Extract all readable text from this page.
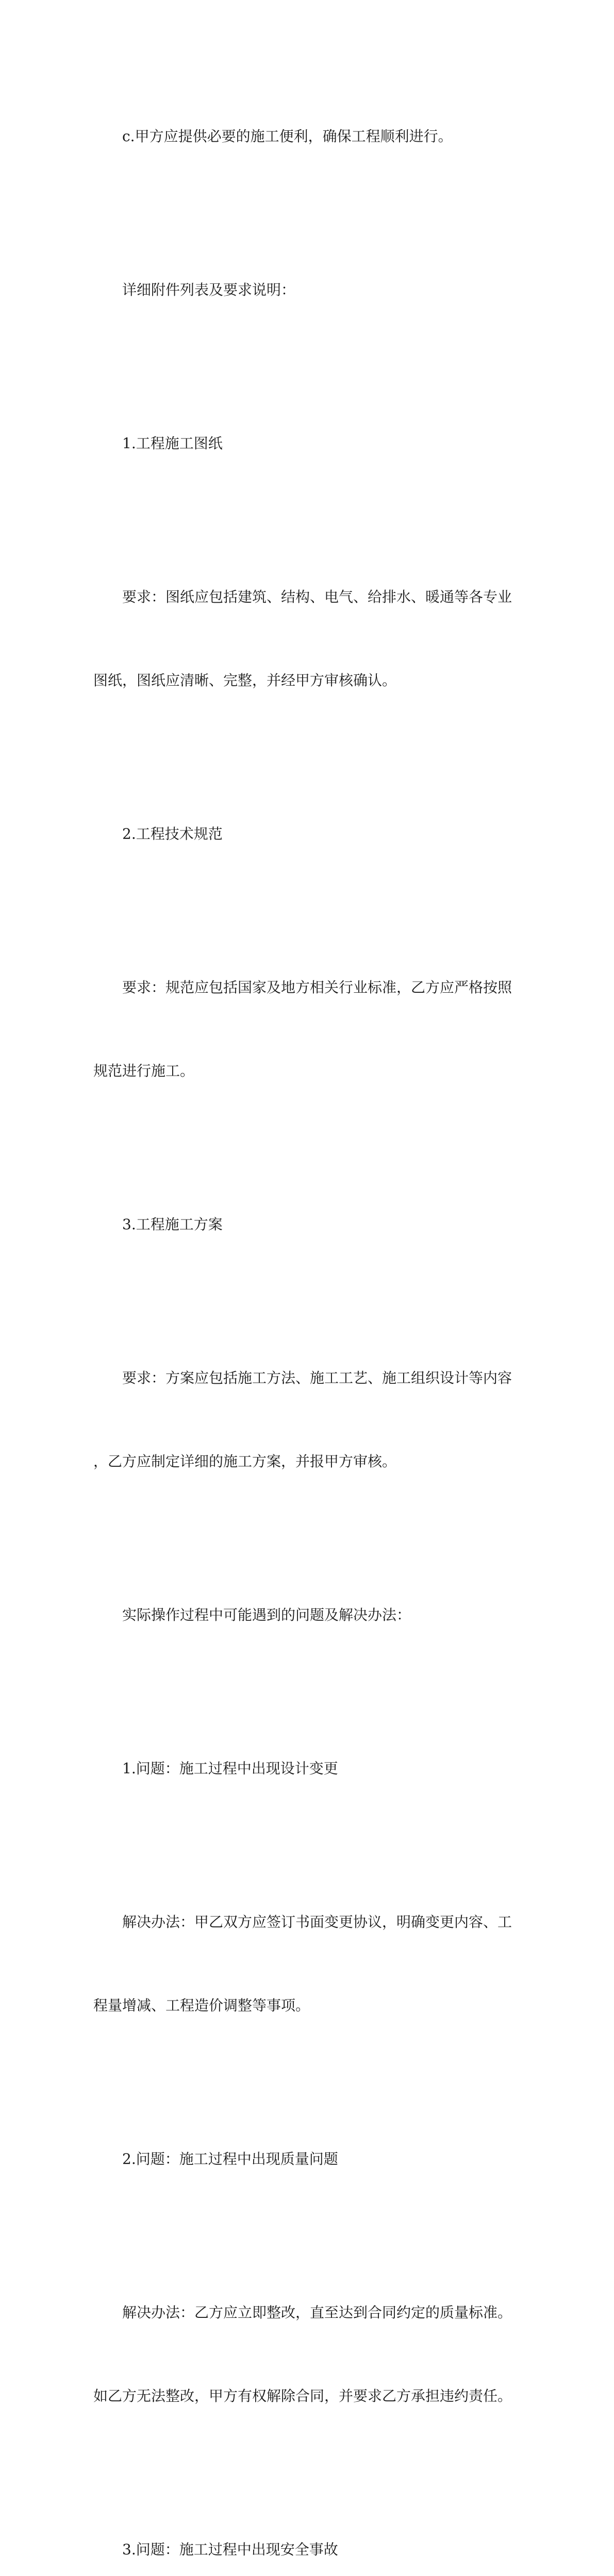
c.甲方应提供必要的施工便利，确保工程顺利进行。

详细附件列表及要求说明：

1.工程施工图纸

要求：图纸应包括建筑、结构、电气、给排水、暖通等各专业

图纸，图纸应清晰、完整，并经甲方审核确认。

2.工程技术规范

要求：规范应包括国家及地方相关行业标准，乙方应严格按照

规范进行施工。

3.工程施工方案

要求：方案应包括施工方法、施工工艺、施工组织设计等内容

，乙方应制定详细的施工方案，并报甲方审核。

实际操作过程中可能遇到的问题及解决办法：

1.问题：施工过程中出现设计变更

解决办法：甲乙双方应签订书面变更协议，明确变更内容、工

程量增减、工程造价调整等事项。

2.问题：施工过程中出现质量问题

解决办法：乙方应立即整改，直至达到合同约定的质量标准。

如乙方无法整改，甲方有权解除合同，并要求乙方承担违约责任。

3.问题：施工过程中出现安全事故
